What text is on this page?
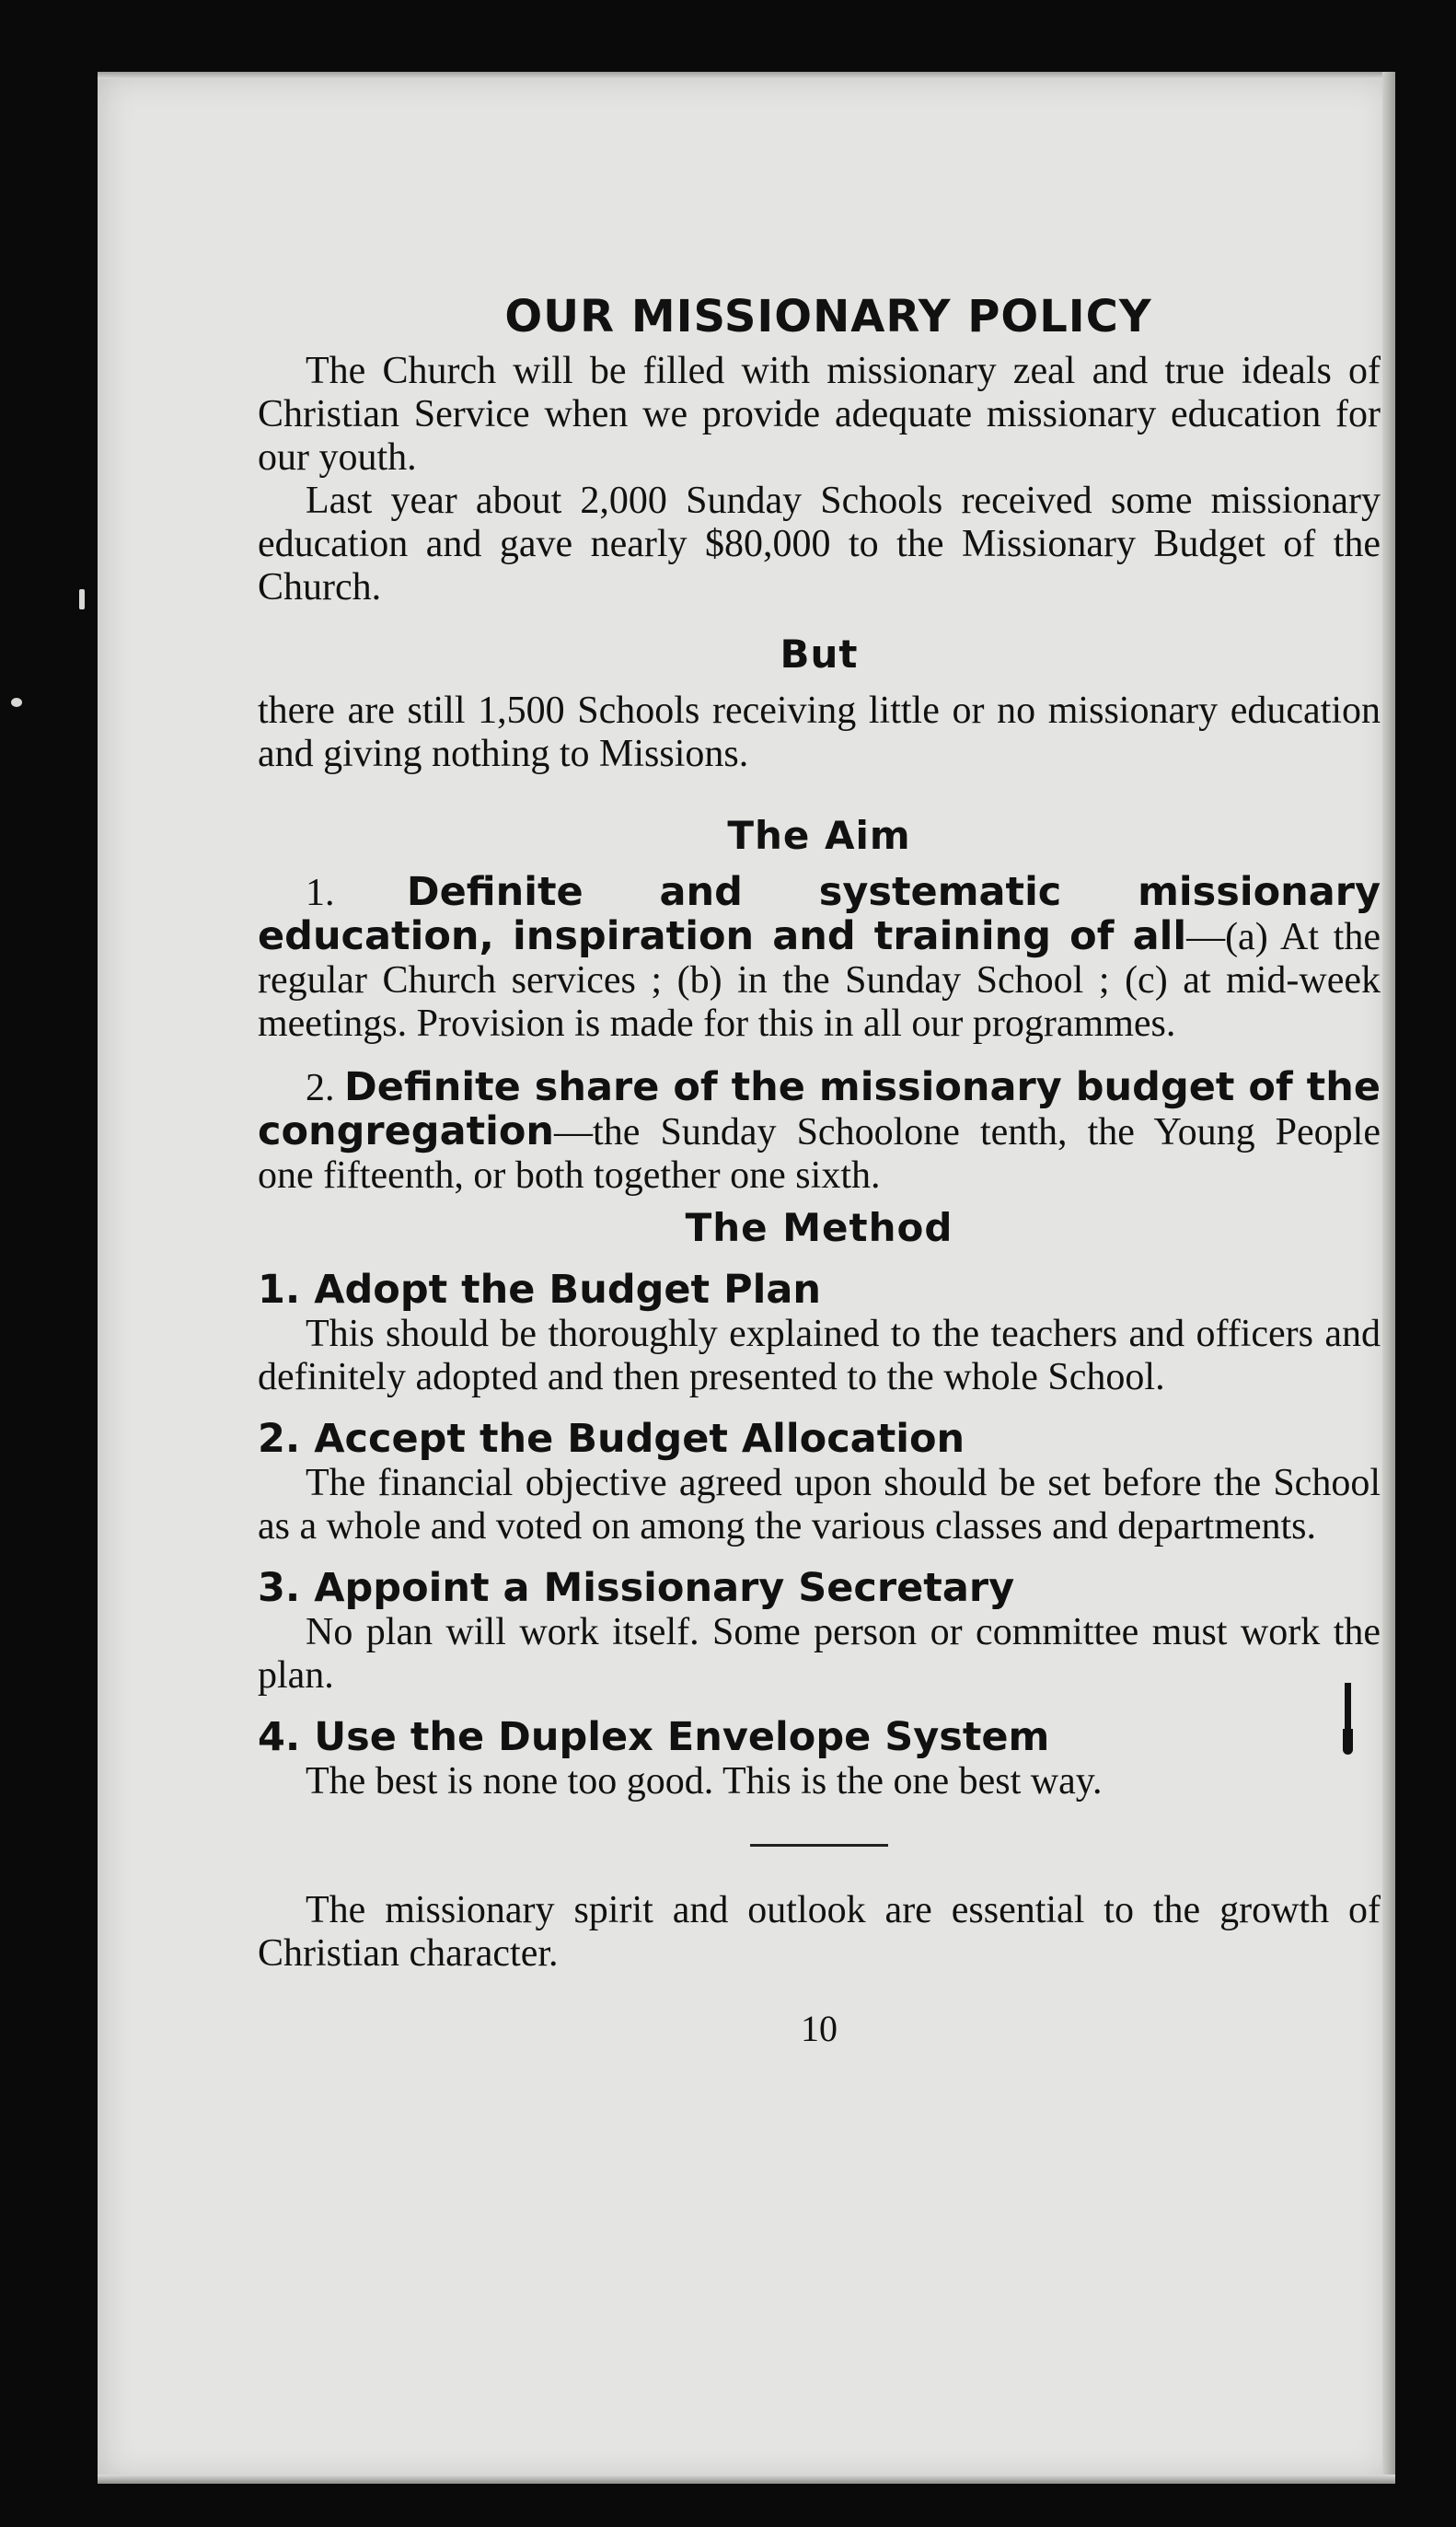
OUR MISSIONARY POLICY

The Church will be filled with missionary zeal and true ideals of Christian Service when we provide adequate missionary education for our youth.

Last year about 2,000 Sunday Schools received some missionary education and gave nearly $80,000 to the Missionary Budget of the Church.

But

there are still 1,500 Schools receiving little or no missionary education and giving nothing to Missions.

The Aim

1. Definite and systematic missionary education, inspiration and training of all—(a) At the regular Church services ; (b) in the Sunday School ; (c) at mid-week meetings. Provision is made for this in all our programmes.

2. Definite share of the missionary budget of the congregation—the Sunday Schoolone tenth, the Young People one fifteenth, or both together one sixth.

The Method

1. Adopt the Budget Plan

This should be thoroughly explained to the teachers and officers and definitely adopted and then presented to the whole School.

2. Accept the Budget Allocation

The financial objective agreed upon should be set before the School as a whole and voted on among the various classes and departments.

3. Appoint a Missionary Secretary

No plan will work itself. Some person or committee must work the plan.

4. Use the Duplex Envelope System

The best is none too good. This is the one best way.

The missionary spirit and outlook are essential to the growth of Christian character.

10
